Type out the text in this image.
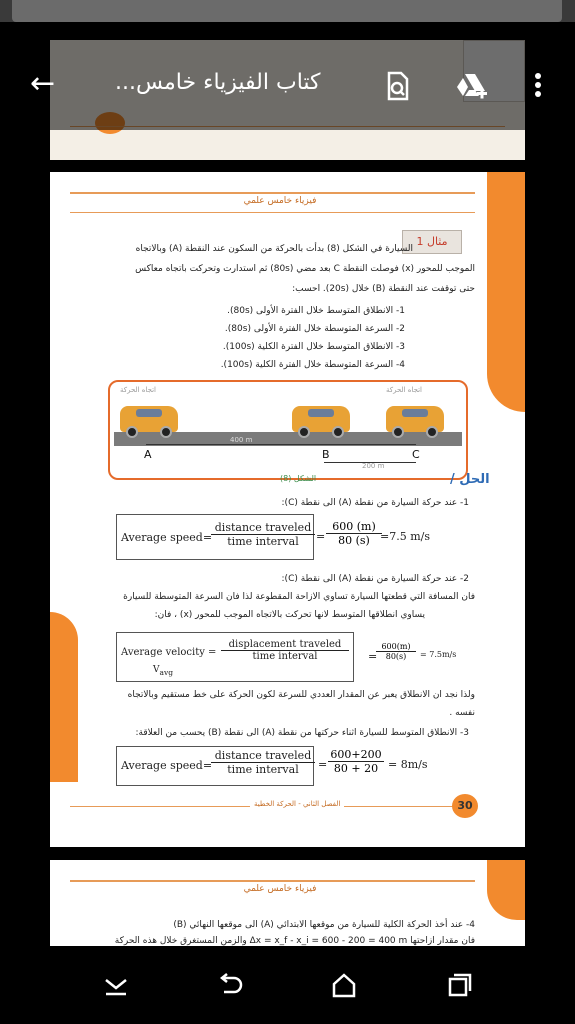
فيزياء خامس علمي
مثال 1
السيارة في الشكل (8) بدأت بالحركة من السكون عند النقطة (A) وبالاتجاه
الموجب للمحور (x) فوصلت النقطة C بعد مضي (80s) ثم استدارت وتحركت باتجاه معاكس
حتى توقفت عند النقطة (B) خلال (20s). احسب:
1- الانطلاق المتوسط خلال الفترة الأولى (80s).
2- السرعة المتوسطة خلال الفترة الأولى (80s).
3- الانطلاق المتوسط خلال الفترة الكلية (100s).
4- السرعة المتوسطة خلال الفترة الكلية (100s).
اتجاه الحركة	اتجاه الحركة
A	B	C
400 m
200 m
الشكل (8)	الحل /
1- عند حركة السيارة من نقطة (A) الى نقطة (C):
Average speed=
distance traveled
time interval	= $\frac{600 (m)}{80 (s)}$
=7.5 m/s
2- عند حركة السيارة من نقطة (A) الى نقطة (C):
فان المسافة التي قطعتها السيارة تساوي الازاحة المقطوعة لذا فان السرعة المتوسطة للسيارة
يساوي انطلاقها المتوسط لانها تحركت بالاتجاه الموجب للمحور (x) ، فان:
Average velocity =
$V_{avg}$
displacement traveled
time interval	=
$\frac{600(m)}{80(s)} = 7.5m/s$
ولذا نجد ان الانطلاق يعبر عن المقدار العددي للسرعة لكون الحركة على خط مستقيم وبالاتجاه
نفسه .
3- الانطلاق المتوسط للسيارة اثناء حركتها من نقطة (A) الى نقطة (B) يحسب من العلاقة:
Average speed=
distance traveled
time interval	= $\frac{600+200}{80 + 20} = 8m/s$
الفصل الثاني - الحركة الخطية	30
فيزياء خامس علمي
4- عند أخذ الحركة الكلية للسيارة من موقعها الابتدائي (A) الى موقعها النهائي (B)
فان مقدار ازاحتها Δx = x_f - x_i = 600 - 200 = 400 m والزمن المستغرق خلال هذه الحركة
←	كتاب الفيزياء خامس...
